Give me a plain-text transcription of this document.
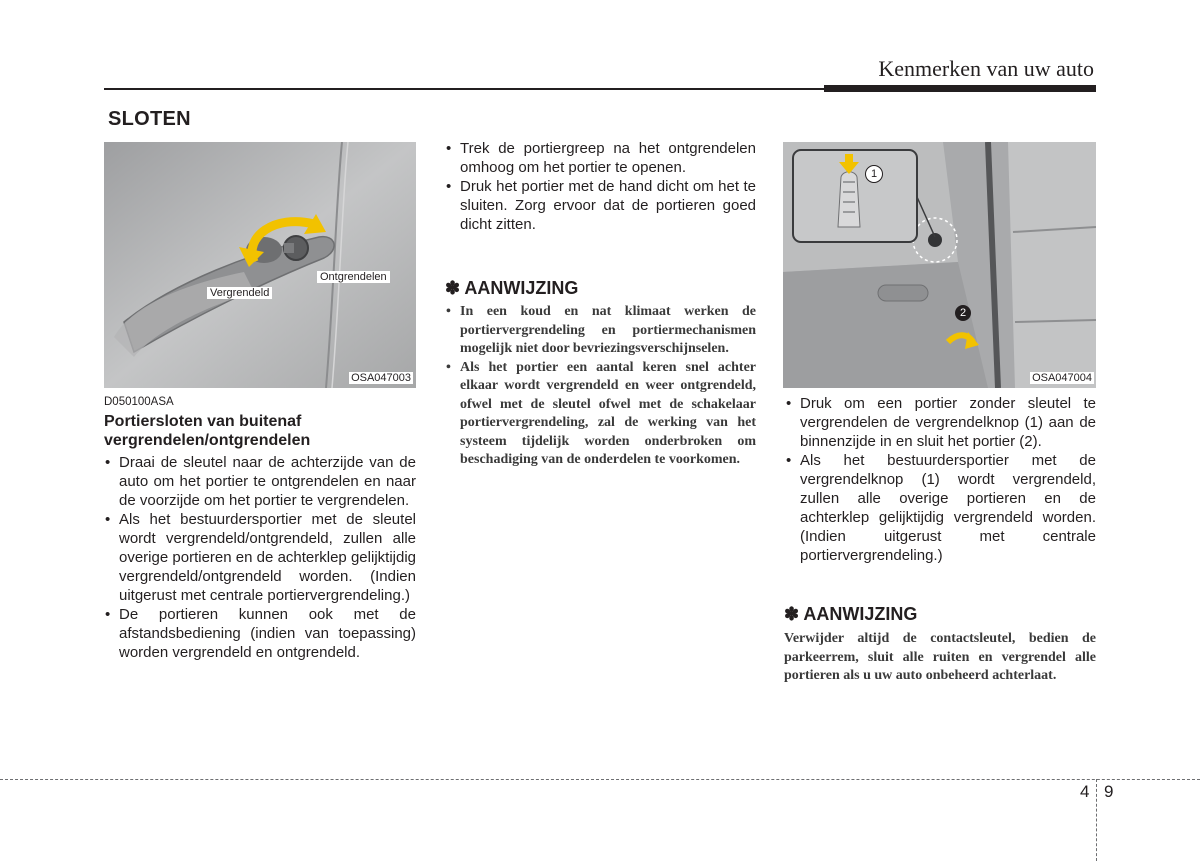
Kenmerken van uw auto
SLOTEN
Vergrendeld
Ontgrendelen
OSA047003
D050100ASA
Portiersloten van buitenaf vergrendelen/ontgrendelen
• Draai de sleutel naar de achterzijde van de auto om het portier te ontgrendelen en naar de voorzijde om het portier te vergrendelen.
• Als het bestuurdersportier met de sleutel wordt vergrendeld/ontgrendeld, zullen alle overige portieren en de achterklep gelijktijdig vergrendeld/ontgrendeld worden. (Indien uitgerust met centrale portiervergrendeling.)
• De portieren kunnen ook met de afstandsbediening (indien van toepassing) worden vergrendeld en ontgrendeld.
• Trek de portiergreep na het ontgrendelen omhoog om het portier te openen.
• Druk het portier met de hand dicht om het te sluiten. Zorg ervoor dat de portieren goed dicht zitten.
✽ AANWIJZING
• In een koud en nat klimaat werken de portiervergrendeling en portiermechanismen mogelijk niet door bevriezingsverschijnselen.
• Als het portier een aantal keren snel achter elkaar wordt vergrendeld en weer ontgrendeld, ofwel met de sleutel ofwel met de schakelaar portiervergrendeling, zal de werking van het systeem tijdelijk worden onderbroken om beschadiging van de onderdelen te voorkomen.
1
2
OSA047004
• Druk om een portier zonder sleutel te vergrendelen de vergrendelknop (1) aan de binnenzijde in en sluit het portier (2).
• Als het bestuurdersportier met de vergrendelknop (1) wordt vergrendeld, zullen alle overige portieren en de achterklep gelijktijdig vergrendeld worden. (Indien uitgerust met centrale portiervergrendeling.)
✽ AANWIJZING
Verwijder altijd de contactsleutel, bedien de parkeerrem, sluit alle ruiten en vergrendel alle portieren als u uw auto onbeheerd achterlaat.
4 9
